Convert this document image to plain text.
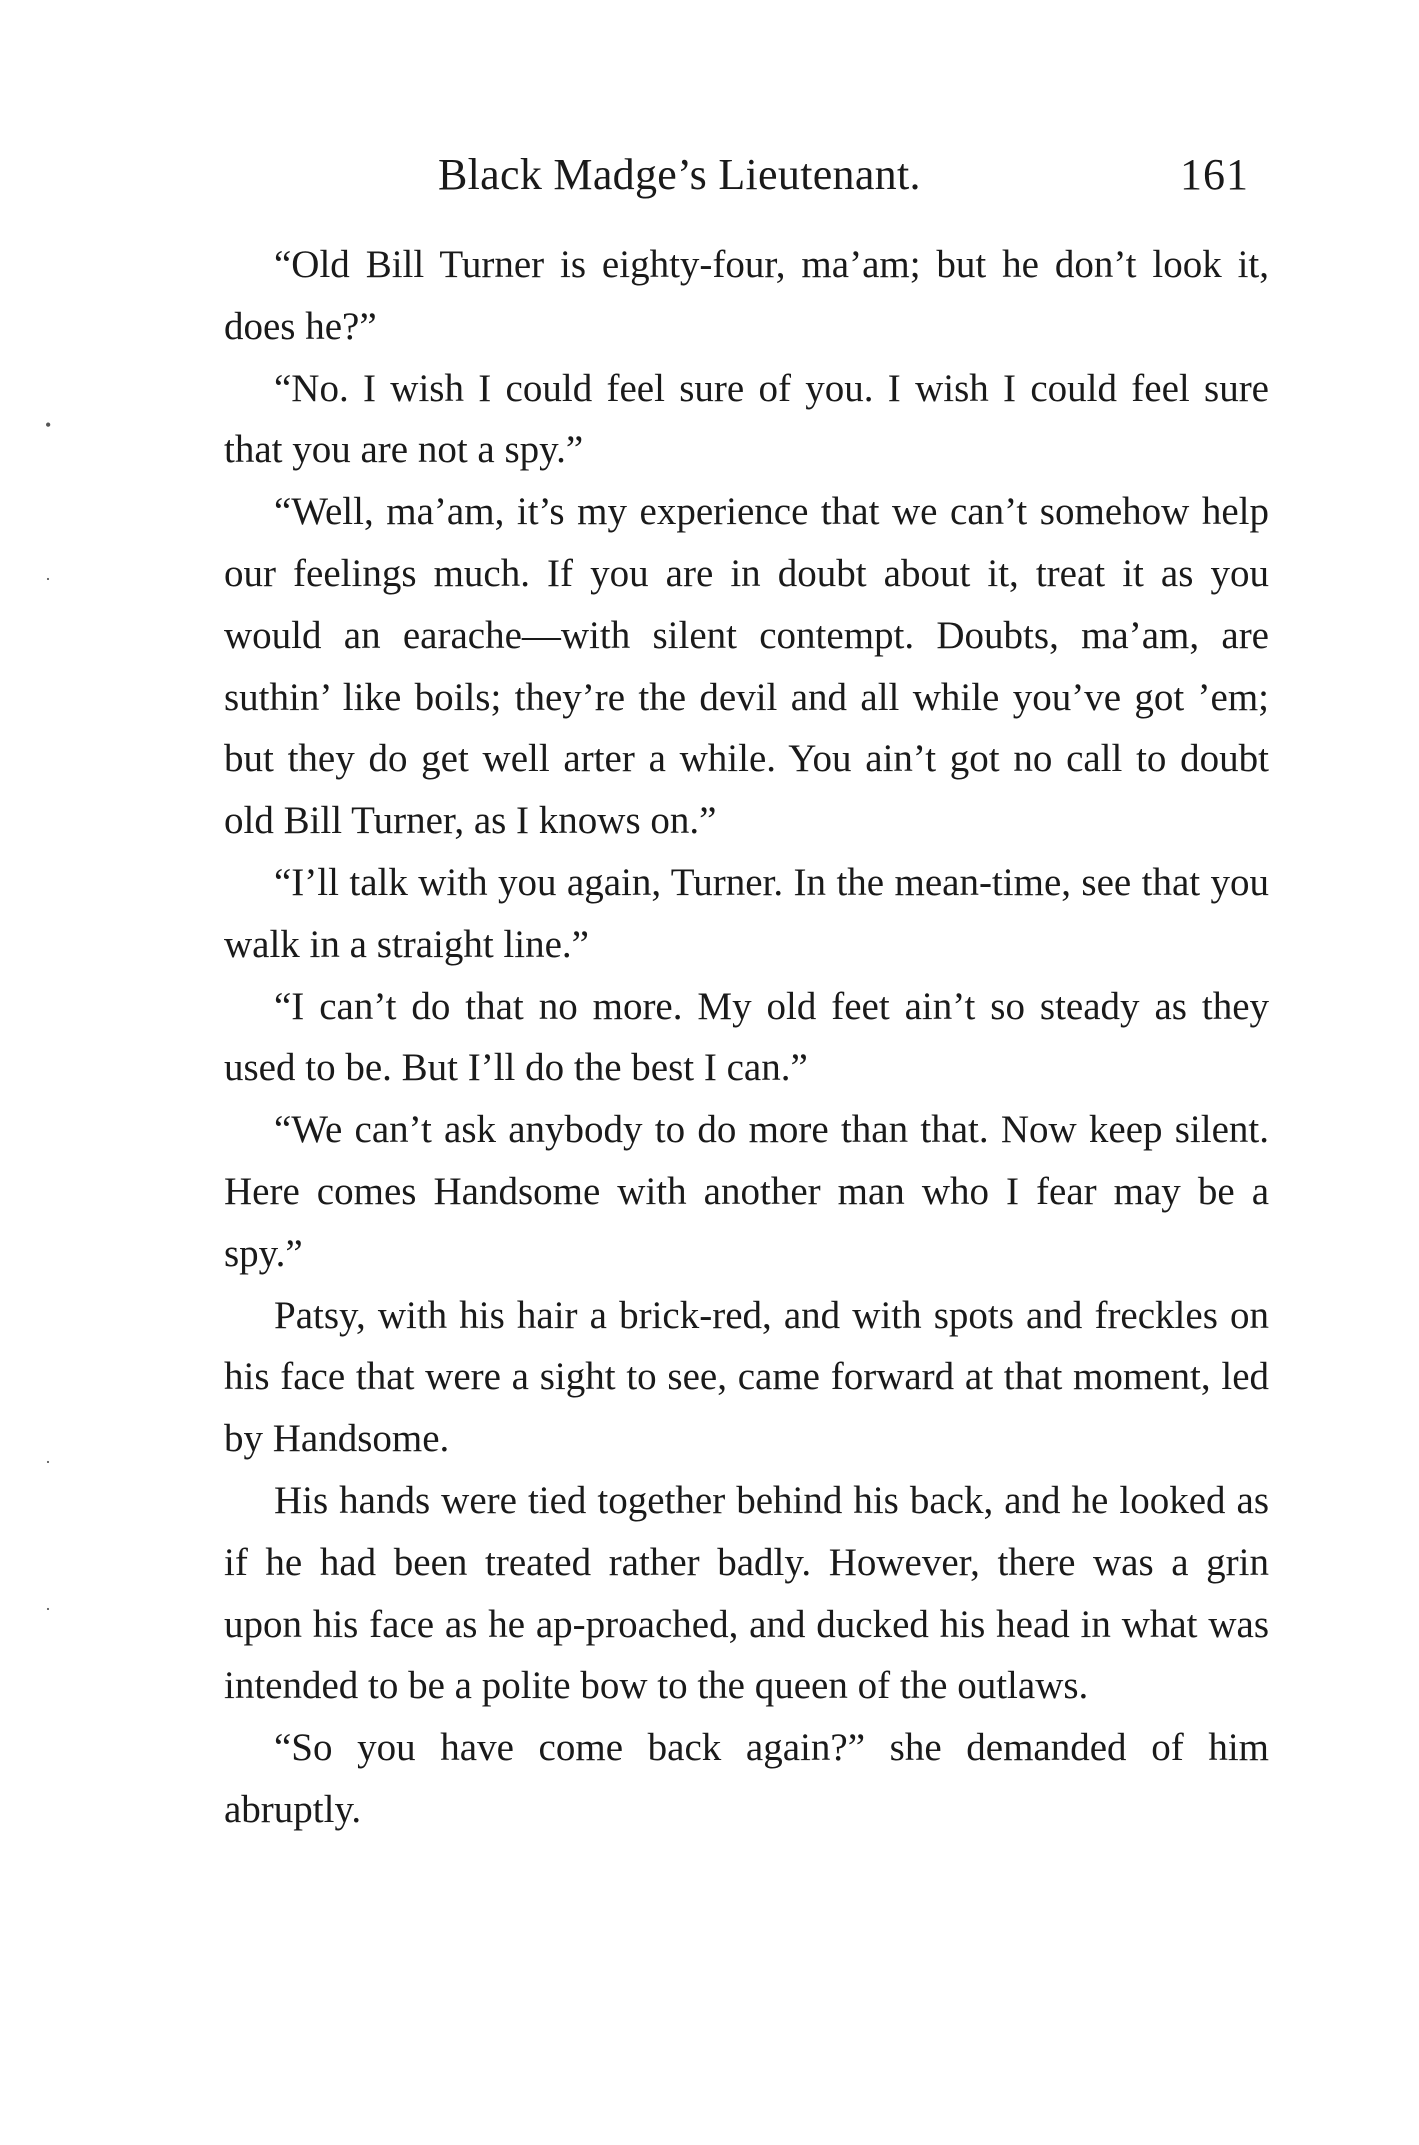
Black Madge’s Lieutenant.	161

“Old Bill Turner is eighty-four, ma’am; but he don’t look it, does he?”

“No. I wish I could feel sure of you. I wish I could feel sure that you are not a spy.”

“Well, ma’am, it’s my experience that we can’t somehow help our feelings much. If you are in doubt about it, treat it as you would an earache—with silent contempt. Doubts, ma’am, are suthin’ like boils; they’re the devil and all while you’ve got ’em; but they do get well arter a while. You ain’t got no call to doubt old Bill Turner, as I knows on.”

“I’ll talk with you again, Turner. In the mean-time, see that you walk in a straight line.”

“I can’t do that no more. My old feet ain’t so steady as they used to be. But I’ll do the best I can.”

“We can’t ask anybody to do more than that. Now keep silent. Here comes Handsome with another man who I fear may be a spy.”

Patsy, with his hair a brick-red, and with spots and freckles on his face that were a sight to see, came forward at that moment, led by Handsome.

His hands were tied together behind his back, and he looked as if he had been treated rather badly. However, there was a grin upon his face as he ap-proached, and ducked his head in what was intended to be a polite bow to the queen of the outlaws.

“So you have come back again?” she demanded of him abruptly.

•
·
·
·
